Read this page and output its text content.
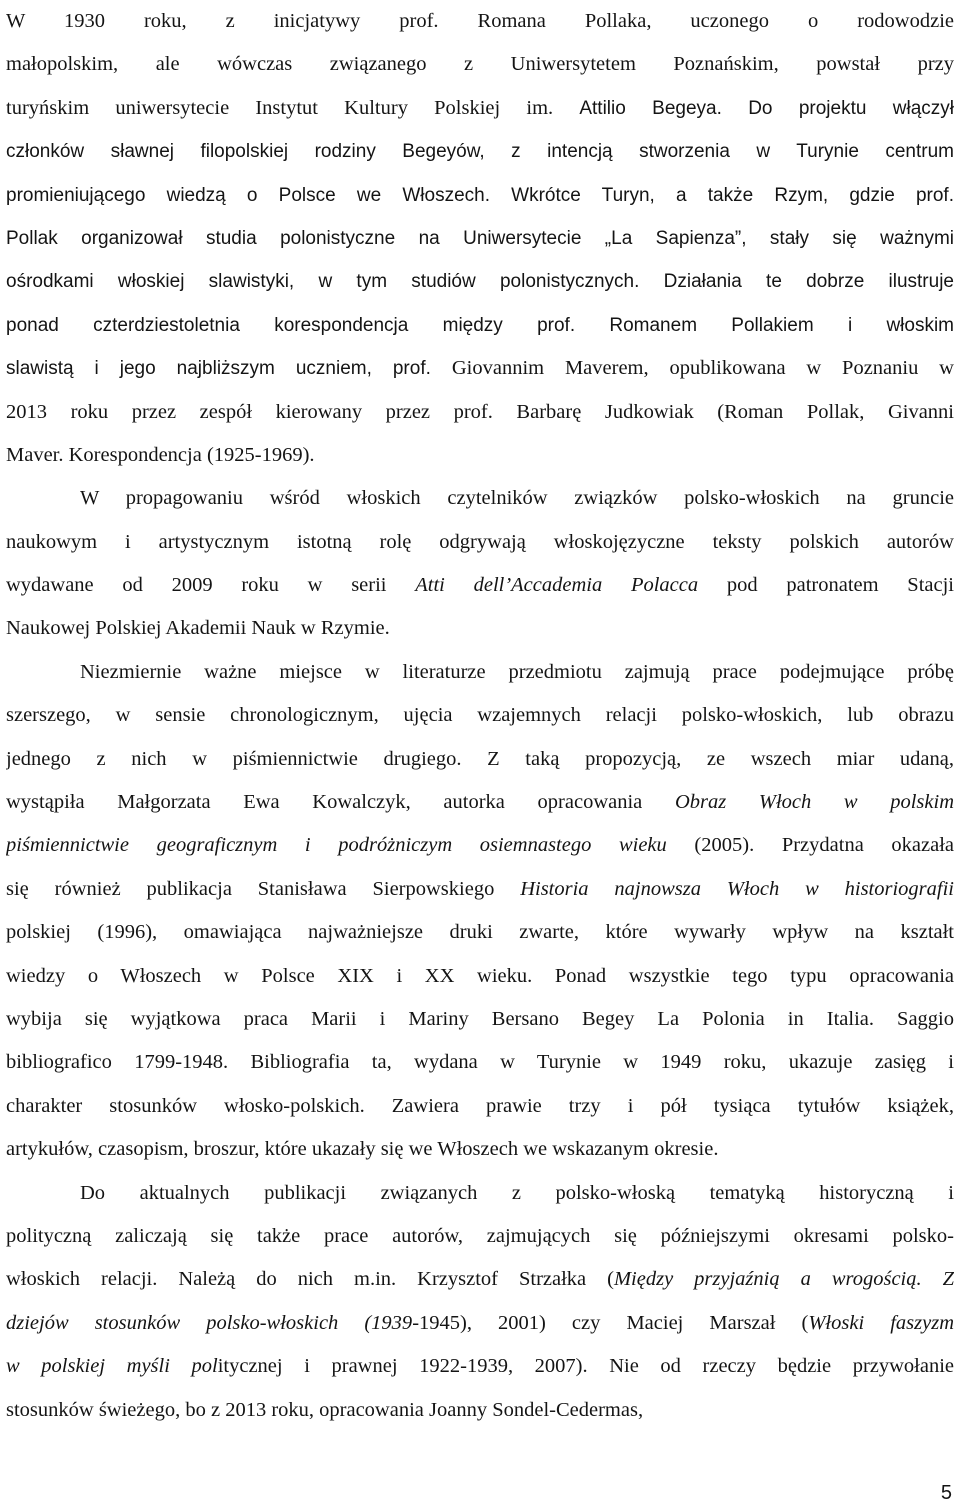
W 1930 roku, z inicjatywy prof. Romana Pollaka, uczonego o rodowodzie
małopolskim, ale wówczas związanego z Uniwersytetem Poznańskim, powstał przy
turyńskim uniwersytecie Instytut Kultury Polskiej im. Attilio Begeya. Do projektu włączył
członków sławnej filopolskiej rodziny Begeyów, z intencją stworzenia w Turynie centrum
promieniującego wiedzą o Polsce we Włoszech. Wkrótce Turyn, a także Rzym, gdzie prof.
Pollak organizował studia polonistyczne na Uniwersytecie „La Sapienza”, stały się ważnymi
ośrodkami włoskiej slawistyki, w tym studiów polonistycznych. Działania te dobrze ilustruje
ponad czterdziestoletnia korespondencja między prof. Romanem Pollakiem i włoskim
slawistą i jego najbliższym uczniem, prof. Giovannim Maverem, opublikowana w Poznaniu w
2013 roku przez zespół kierowany przez prof. Barbarę Judkowiak (Roman Pollak, Givanni
Maver. Korespondencja (1925-1969).
W propagowaniu wśród włoskich czytelników związków polsko-włoskich na gruncie
naukowym i artystycznym istotną rolę odgrywają włoskojęzyczne teksty polskich autorów
wydawane od 2009 roku w serii Atti dell’Accademia Polacca pod patronatem Stacji
Naukowej Polskiej Akademii Nauk w Rzymie.
Niezmiernie ważne miejsce w literaturze przedmiotu zajmują prace podejmujące próbę
szerszego, w sensie chronologicznym, ujęcia wzajemnych relacji polsko-włoskich, lub obrazu
jednego z nich w piśmiennictwie drugiego. Z taką propozycją, ze wszech miar udaną,
wystąpiła Małgorzata Ewa Kowalczyk, autorka opracowania Obraz Włoch w polskim
piśmiennictwie geograficznym i podróżniczym osiemnastego wieku (2005). Przydatna okazała
się również publikacja Stanisława Sierpowskiego Historia najnowsza Włoch w historiografii
polskiej (1996), omawiająca najważniejsze druki zwarte, które wywarły wpływ na kształt
wiedzy o Włoszech w Polsce XIX i XX wieku. Ponad wszystkie tego typu opracowania
wybija się wyjątkowa praca Marii i Mariny Bersano Begey La Polonia in Italia. Saggio
bibliografico 1799-1948. Bibliografia ta, wydana w Turynie w 1949 roku, ukazuje zasięg i
charakter stosunków włosko-polskich. Zawiera prawie trzy i pół tysiąca tytułów książek,
artykułów, czasopism, broszur, które ukazały się we Włoszech we wskazanym okresie.
Do aktualnych publikacji związanych z polsko-włoską tematyką historyczną i
polityczną zaliczają się także prace autorów, zajmujących się późniejszymi okresami polsko-
włoskich relacji. Należą do nich m.in. Krzysztof Strzałka (Między przyjaźnią a wrogością. Z
dziejów stosunków polsko-włoskich (1939-1945), 2001) czy Maciej Marszał (Włoski faszyzm
w polskiej myśli politycznej i prawnej 1922-1939, 2007). Nie od rzeczy będzie przywołanie
stosunków świeżego, bo z 2013 roku, opracowania Joanny Sondel-Cedermas,
5
